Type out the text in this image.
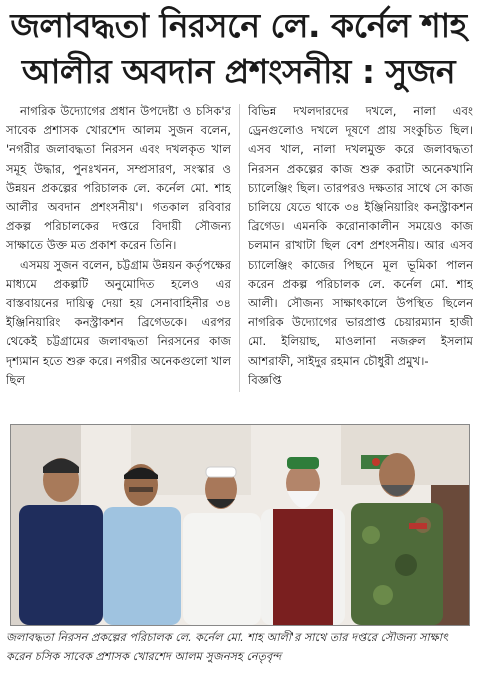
জলাবদ্ধতা নিরসনে লে. কর্নেল শাহ
আলীর অবদান প্রশংসনীয় : সুজন

নাগরিক উদ্যোগের প্রধান উপদেষ্টা ও চসিক'র সাবেক প্রশাসক খোরশেদ আলম সুজন বলেন, 'নগরীর জলাবদ্ধতা নিরসন এবং দখলকৃত খাল সমূহ উদ্ধার, পুনঃখনন, সম্প্রসারণ, সংস্কার ও উন্নয়ন প্রকল্পের পরিচালক লে. কর্নেল মো. শাহ আলীর অবদান প্রশংসনীয়'। গতকাল রবিবার প্রকল্প পরিচালকের দপ্তরে বিদায়ী সৌজন্য সাক্ষাতে উক্ত মত প্রকাশ করেন তিনি।

এসময় সুজন বলেন, চট্টগ্রাম উন্নয়ন কর্তৃপক্ষের মাধ্যমে প্রকল্পটি অনুমোদিত হলেও এর বাস্তবায়নের দায়িত্ব দেয়া হয় সেনাবাহিনীর ৩৪ ইঞ্জিনিয়ারিং কনস্ট্রাকশন ব্রিগেডকে। এরপর থেকেই চট্টগ্রামের জলাবদ্ধতা নিরসনের কাজ দৃশ্যমান হতে শুরু করে। নগরীর অনেকগুলো খাল ছিল

বিভিন্ন দখলদারদের দখলে, নালা এবং ড্রেনগুলোও দখলে দূষণে প্রায় সংকুচিত ছিল। এসব খাল, নালা দখলমুক্ত করে জলাবদ্ধতা নিরসন প্রকল্পের কাজ শুরু করাটা অনেকখানি চ্যালেঞ্জিং ছিল। তারপরও দক্ষতার সাথে সে কাজ চালিয়ে যেতে থাকে ৩৪ ইঞ্জিনিয়ারিং কনস্ট্রাকশন ব্রিগেড। এমনকি করোনাকালীন সময়েও কাজ চলমান রাখাটা ছিল বেশ প্রশংসনীয়। আর এসব চ্যালেঞ্জিং কাজের পিছনে মূল ভূমিকা পালন করেন প্রকল্প পরিচালক লে. কর্নেল মো. শাহ আলী। সৌজন্য সাক্ষাৎকালে উপস্থিত ছিলেন নাগরিক উদ্যোগের ভারপ্রাপ্ত চেয়ারম্যান হাজী মো. ইলিয়াছ, মাওলানা নজরুল ইসলাম আশরাফী, সাইদুর রহমান চৌধুরী প্রমুখ।-

বিজ্ঞপ্তি

জলাবদ্ধতা নিরসন প্রকল্পের পরিচালক লে. কর্নেল মো. শাহ আলী'র সাথে তার দপ্তরে সৌজন্য সাক্ষাৎ করেন চসিক সাবেক প্রশাসক খোরশেদ আলম সুজনসহ নেতৃবৃন্দ
